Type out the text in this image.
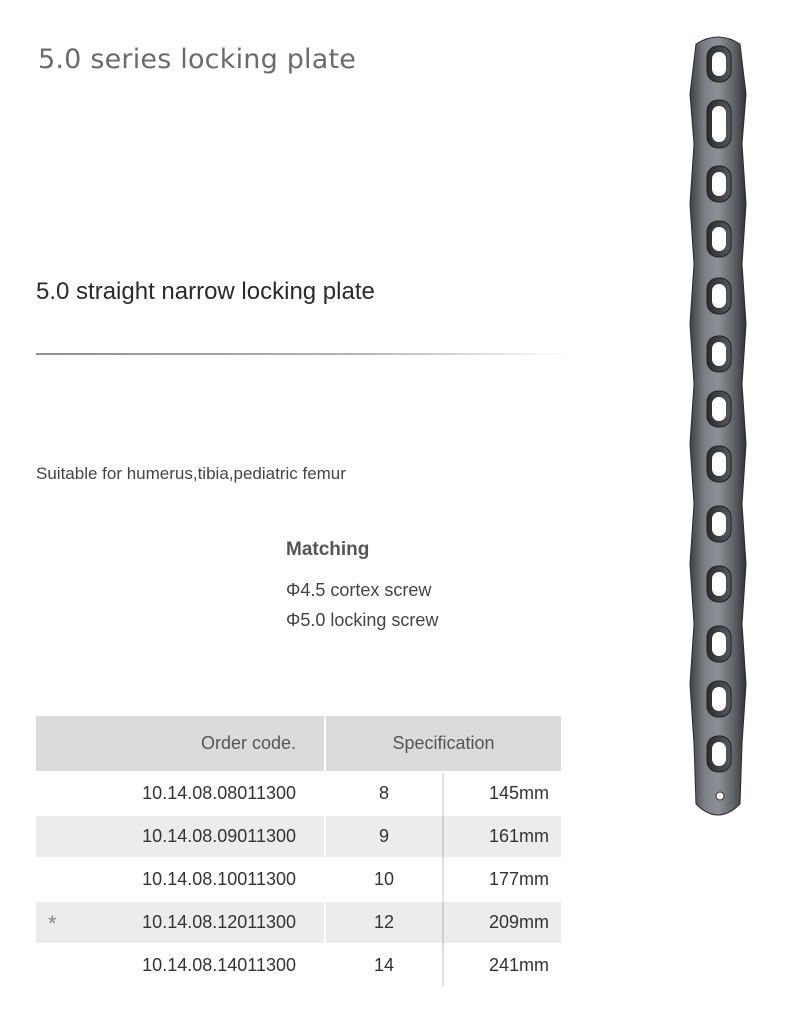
5.0 series locking plate
5.0 straight narrow locking plate
Suitable for humerus,tibia,pediatric femur
Matching
Φ4.5 cortex screw
Φ5.0 locking screw
Order code.	Specification	
10.14.08.08011300	8	145mm
10.14.08.09011300	9	161mm
10.14.08.10011300	10	177mm

* 10.14.08.12011300	12	209mm
10.14.08.14011300	14	241mm
